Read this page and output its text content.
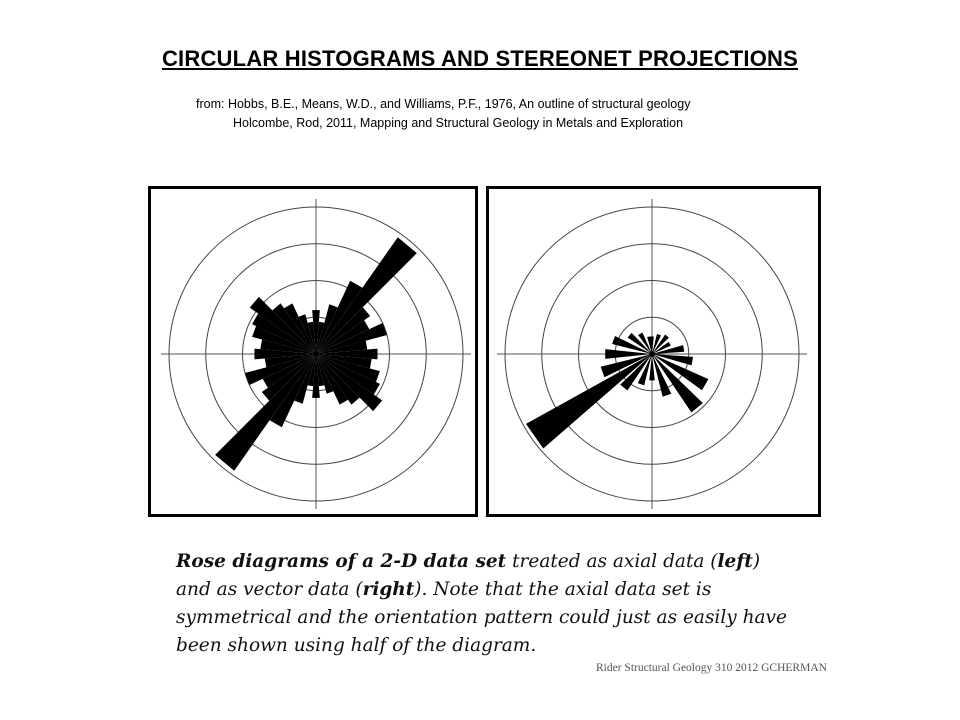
CIRCULAR HISTOGRAMS AND STEREONET PROJECTIONS
from: Hobbs, B.E., Means, W.D., and Williams, P.F., 1976, An outline of structural geology
Holcombe, Rod, 2011, Mapping and Structural Geology in Metals and Exploration
Rose diagrams of a 2-D data set treated as axial data (left) and as vector data (right). Note that the axial data set is symmetrical and the orientation pattern could just as easily have been shown using half of the diagram.
Rider Structural Geology 310 2012 GCHERMAN
